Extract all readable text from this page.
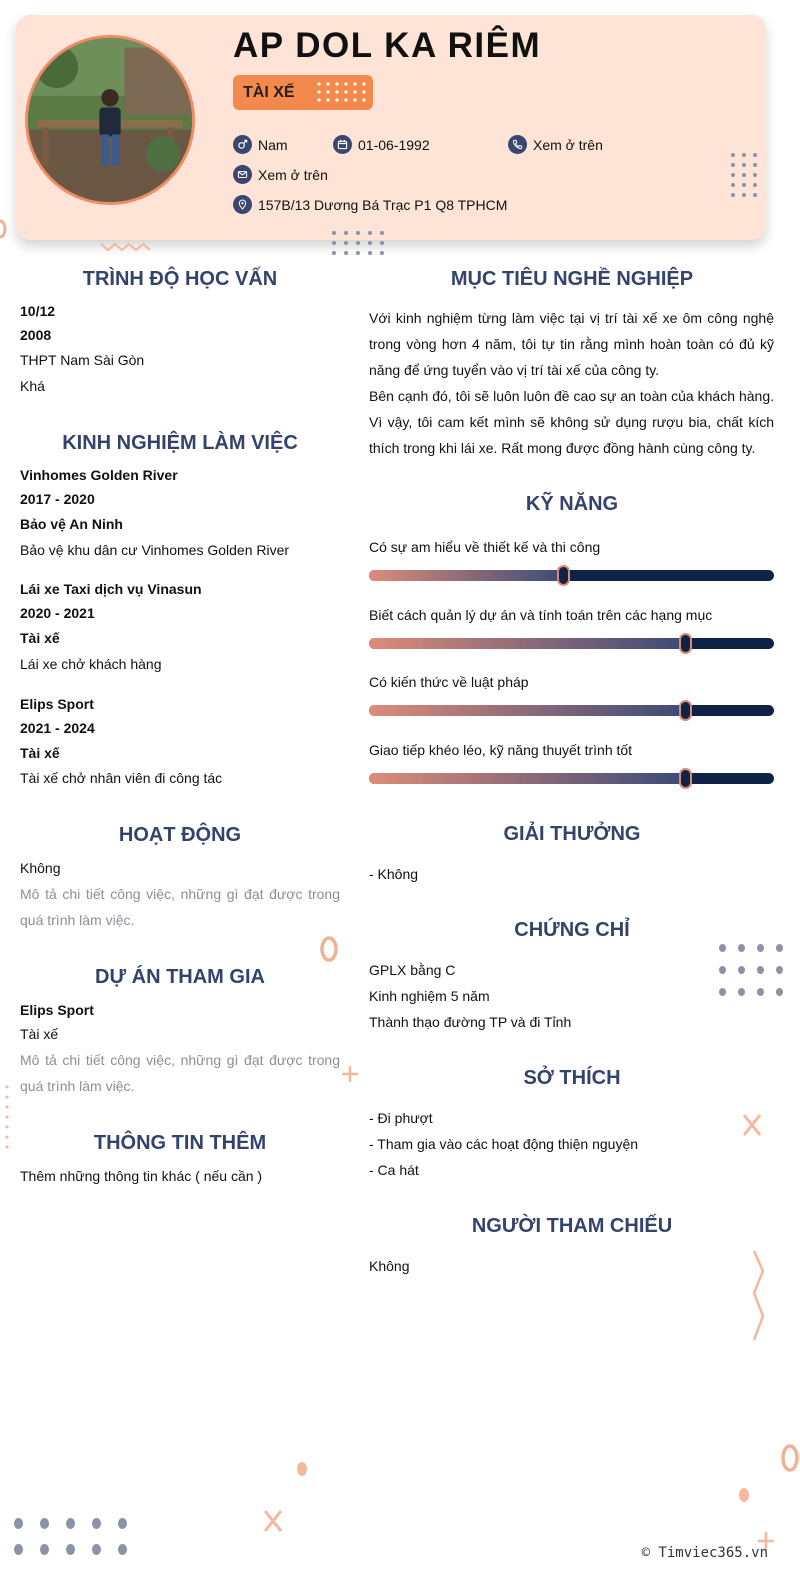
AP DOL KA RIÊM
TÀI XẾ
Nam	01-06-1992	Xem ở trên
Xem ở trên
157B/13 Dương Bá Trạc P1 Q8 TPHCM
TRÌNH ĐỘ HỌC VẤN
10/12
2008
THPT Nam Sài Gòn
Khá
KINH NGHIỆM LÀM VIỆC
Vinhomes Golden River
2017 - 2020
Bảo vệ An Ninh
Bảo vệ khu dân cư Vinhomes Golden River
Lái xe Taxi dịch vụ Vinasun
2020 - 2021
Tài xế
Lái xe chở khách hàng
Elips Sport
2021 - 2024
Tài xế
Tài xế chở nhân viên đi công tác
HOẠT ĐỘNG
Không
Mô tả chi tiết công việc, những gì đạt được trong quá trình làm việc.
DỰ ÁN THAM GIA
Elips Sport
Tài xế
Mô tả chi tiết công việc, những gì đạt được trong quá trình làm việc.
THÔNG TIN THÊM
Thêm những thông tin khác ( nếu cần )
MỤC TIÊU NGHỀ NGHIỆP
Với kinh nghiệm từng làm việc tại vị trí tài xế xe ôm công nghệ trong vòng hơn 4 năm, tôi tự tin rằng mình hoàn toàn có đủ kỹ năng để ứng tuyển vào vị trí tài xế của công ty.
Bên cạnh đó, tôi sẽ luôn luôn đề cao sự an toàn của khách hàng. Vì vậy, tôi cam kết mình sẽ không sử dụng rượu bia, chất kích thích trong khi lái xe. Rất mong được đồng hành cùng công ty.
KỸ NĂNG
Có sự am hiểu về thiết kế và thi công
Biết cách quản lý dự án và tính toán trên các hạng mục
Có kiến thức về luật pháp
Giao tiếp khéo léo, kỹ năng thuyết trình tốt
GIẢI THƯỞNG
- Không
CHỨNG CHỈ
GPLX bằng C
Kinh nghiệm 5 năm
Thành thạo đường TP và đi Tỉnh
SỞ THÍCH
- Đi phượt
- Tham gia vào các hoạt động thiện nguyện
- Ca hát
NGƯỜI THAM CHIẾU
Không
© Timviec365.vn
